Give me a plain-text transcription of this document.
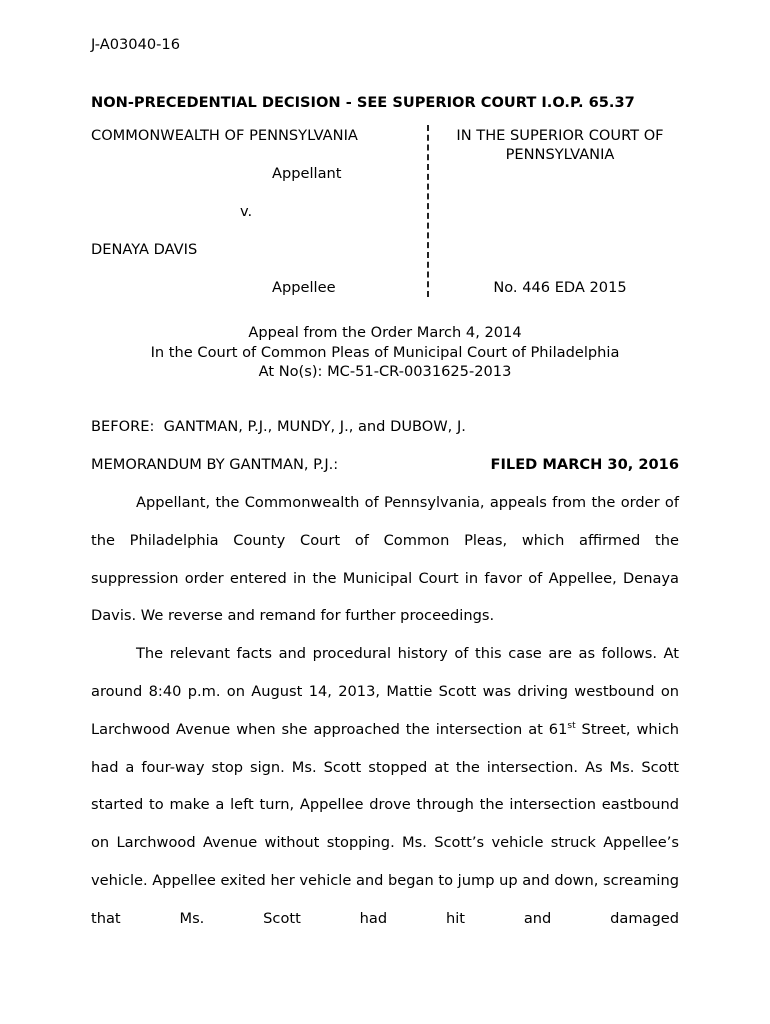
J-A03040-16
NON-PRECEDENTIAL DECISION - SEE SUPERIOR COURT I.O.P. 65.37
COMMONWEALTH OF PENNSYLVANIA
Appellant
v.
DENAYA DAVIS
Appellee
IN THE SUPERIOR COURT OF
PENNSYLVANIA
No. 446 EDA 2015
Appeal from the Order March 4, 2014
In the Court of Common Pleas of Municipal Court of Philadelphia
At No(s): MC-51-CR-0031625-2013
BEFORE:  GANTMAN, P.J., MUNDY, J., and DUBOW, J.
MEMORANDUM BY GANTMAN, P.J.:	FILED MARCH 30, 2016

Appellant, the Commonwealth of Pennsylvania, appeals from the order of the Philadelphia County Court of Common Pleas, which affirmed the suppression order entered in the Municipal Court in favor of Appellee, Denaya Davis. We reverse and remand for further proceedings.

The relevant facts and procedural history of this case are as follows. At around 8:40 p.m. on August 14, 2013, Mattie Scott was driving westbound on Larchwood Avenue when she approached the intersection at 61st Street, which had a four-way stop sign. Ms. Scott stopped at the intersection. As Ms. Scott started to make a left turn, Appellee drove through the intersection eastbound on Larchwood Avenue without stopping. Ms. Scott’s vehicle struck Appellee’s vehicle. Appellee exited her vehicle and began to jump up and down, screaming that Ms. Scott had hit and damaged
